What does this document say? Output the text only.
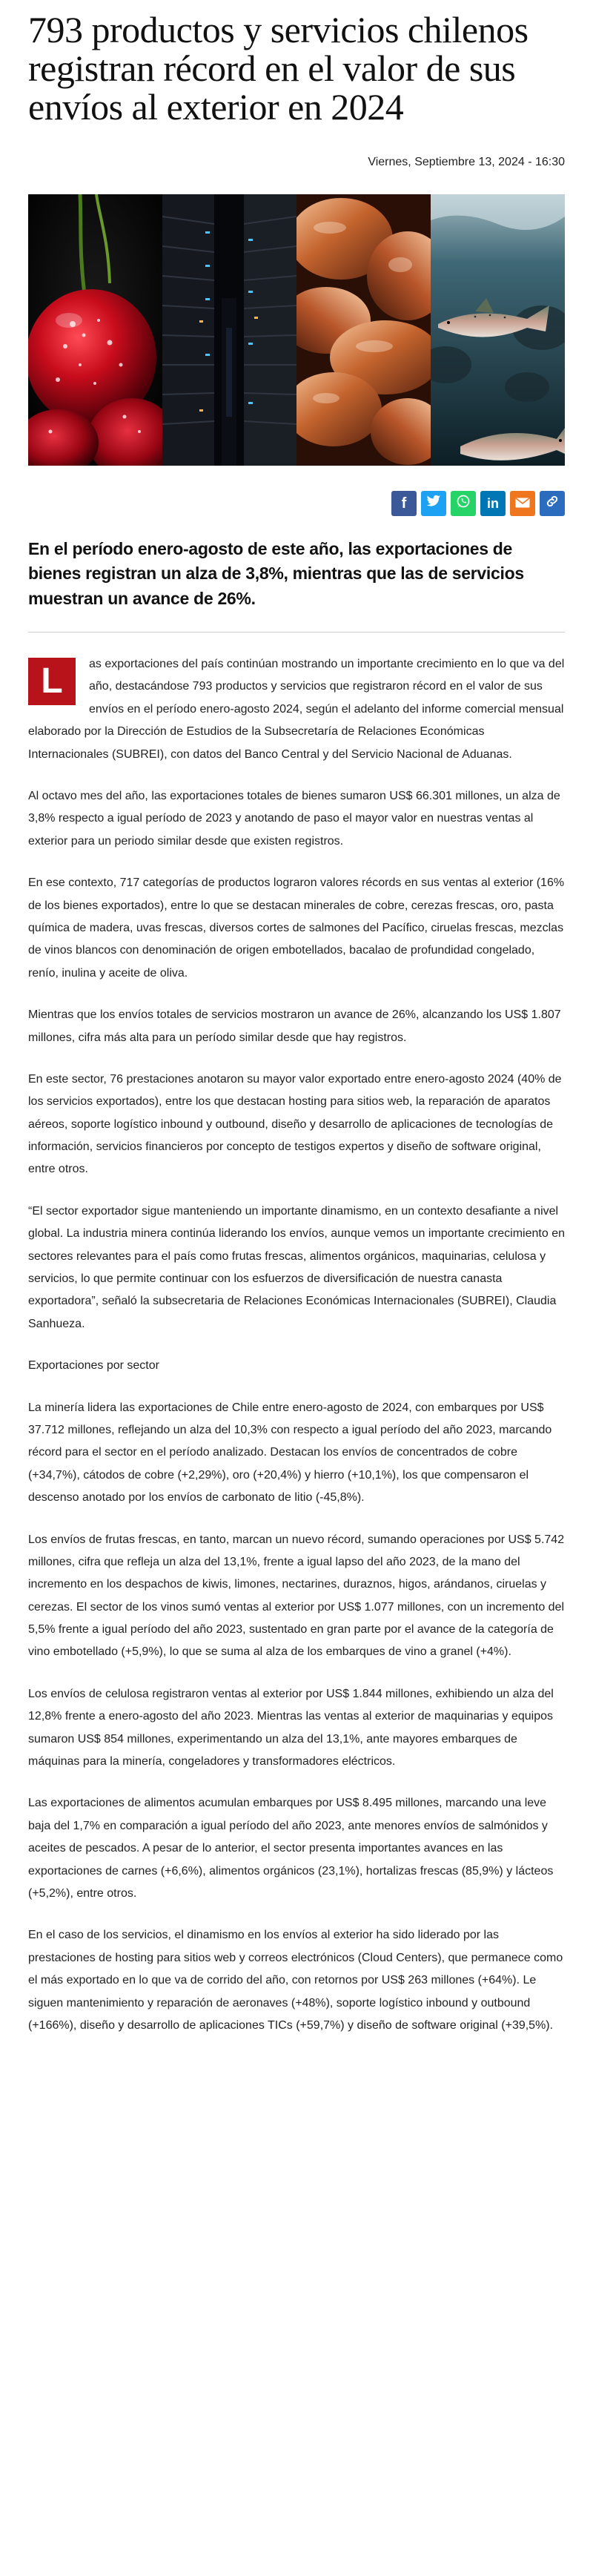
793 productos y servicios chilenos registran récord en el valor de sus envíos al exterior en 2024
Viernes, Septiembre 13, 2024 - 16:30
f	in

En el período enero-agosto de este año, las exportaciones de bienes registran un alza de 3,8%, mientras que las de servicios muestran un avance de 26%.

L	as exportaciones del país continúan mostrando un importante crecimiento en lo que va del año, destacándose 793 productos y servicios que registraron récord en el valor de sus envíos en el período enero-agosto 2024, según el adelanto del informe comercial mensual elaborado por la Dirección de Estudios de la Subsecretaría de Relaciones Económicas Internacionales (SUBREI), con datos del Banco Central y del Servicio Nacional de Aduanas.

Al octavo mes del año, las exportaciones totales de bienes sumaron US$ 66.301 millones, un alza de 3,8% respecto a igual período de 2023 y anotando de paso el mayor valor en nuestras ventas al exterior para un periodo similar desde que existen registros.

En ese contexto, 717 categorías de productos lograron valores récords en sus ventas al exterior (16% de los bienes exportados), entre lo que se destacan minerales de cobre, cerezas frescas, oro, pasta química de madera, uvas frescas, diversos cortes de salmones del Pacífico, ciruelas frescas, mezclas de vinos blancos con denominación de origen embotellados, bacalao de profundidad congelado, renío, inulina y aceite de oliva.

Mientras que los envíos totales de servicios mostraron un avance de 26%, alcanzando los US$ 1.807 millones, cifra más alta para un período similar desde que hay registros.

En este sector, 76 prestaciones anotaron su mayor valor exportado entre enero-agosto 2024 (40% de los servicios exportados), entre los que destacan hosting para sitios web, la reparación de aparatos aéreos, soporte logístico inbound y outbound, diseño y desarrollo de aplicaciones de tecnologías de información, servicios financieros por concepto de testigos expertos y diseño de software original, entre otros.

“El sector exportador sigue manteniendo un importante dinamismo, en un contexto desafiante a nivel global. La industria minera continúa liderando los envíos, aunque vemos un importante crecimiento en sectores relevantes para el país como frutas frescas, alimentos orgánicos, maquinarias, celulosa y servicios, lo que permite continuar con los esfuerzos de diversificación de nuestra canasta exportadora”, señaló la subsecretaria de Relaciones Económicas Internacionales (SUBREI), Claudia Sanhueza.

Exportaciones por sector

La minería lidera las exportaciones de Chile entre enero-agosto de 2024, con embarques por US$ 37.712 millones, reflejando un alza del 10,3% con respecto a igual período del año 2023, marcando récord para el sector en el período analizado. Destacan los envíos de concentrados de cobre (+34,7%), cátodos de cobre (+2,29%), oro (+20,4%) y hierro (+10,1%), los que compensaron el descenso anotado por los envíos de carbonato de litio (-45,8%).

Los envíos de frutas frescas, en tanto, marcan un nuevo récord, sumando operaciones por US$ 5.742 millones, cifra que refleja un alza del 13,1%, frente a igual lapso del año 2023, de la mano del incremento en los despachos de kiwis, limones, nectarines, duraznos, higos, arándanos, ciruelas y cerezas. El sector de los vinos sumó ventas al exterior por US$ 1.077 millones, con un incremento del 5,5% frente a igual período del año 2023, sustentado en gran parte por el avance de la categoría de vino embotellado (+5,9%), lo que se suma al alza de los embarques de vino a granel (+4%).

Los envíos de celulosa registraron ventas al exterior por US$ 1.844 millones, exhibiendo un alza del 12,8% frente a enero-agosto del año 2023. Mientras las ventas al exterior de maquinarias y equipos sumaron US$ 854 millones, experimentando un alza del 13,1%, ante mayores embarques de máquinas para la minería, congeladores y transformadores eléctricos.

Las exportaciones de alimentos acumulan embarques por US$ 8.495 millones, marcando una leve baja del 1,7% en comparación a igual período del año 2023, ante menores envíos de salmónidos y aceites de pescados. A pesar de lo anterior, el sector presenta importantes avances en las exportaciones de carnes (+6,6%), alimentos orgánicos (23,1%), hortalizas frescas (85,9%) y lácteos (+5,2%), entre otros.

En el caso de los servicios, el dinamismo en los envíos al exterior ha sido liderado por las prestaciones de hosting para sitios web y correos electrónicos (Cloud Centers), que permanece como el más exportado en lo que va de corrido del año, con retornos por US$ 263 millones (+64%). Le siguen mantenimiento y reparación de aeronaves (+48%), soporte logístico inbound y outbound (+166%), diseño y desarrollo de aplicaciones TICs (+59,7%) y diseño de software original (+39,5%).
